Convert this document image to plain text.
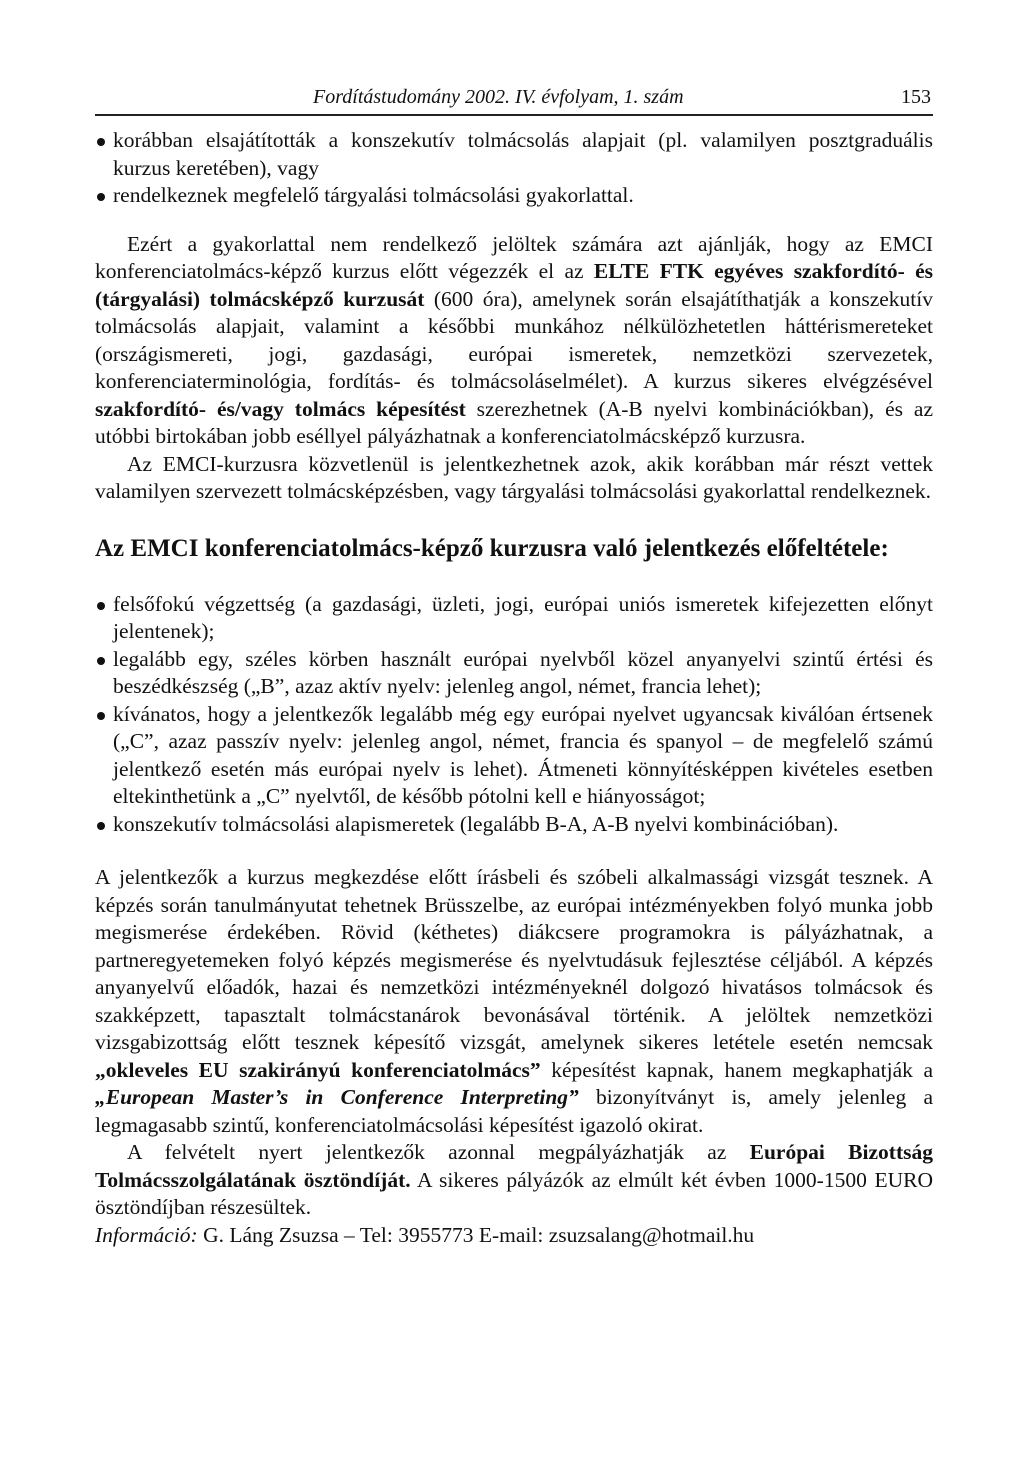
Fordítástudomány 2002. IV. évfolyam, 1. szám	153
korábban elsajátították a konszekutív tolmácsolás alapjait (pl. valamilyen posztgraduális kurzus keretében), vagy
rendelkeznek megfelelő tárgyalási tolmácsolási gyakorlattal.

Ezért a gyakorlattal nem rendelkező jelöltek számára azt ajánlják, hogy az EMCI konferenciatolmács-képző kurzus előtt végezzék el az ELTE FTK egyéves szakfordító- és (tárgyalási) tolmácsképző kurzusát (600 óra), amelynek során elsajátíthatják a konszekutív tolmácsolás alapjait, valamint a későbbi munkához nélkülözhetetlen háttérismereteket (országismereti, jogi, gazdasági, európai ismeretek, nemzetközi szervezetek, konferenciaterminológia, fordítás- és tolmácsoláselmélet). A kurzus sikeres elvégzésével szakfordító- és/vagy tolmács képesítést szerezhetnek (A-B nyelvi kombinációkban), és az utóbbi birtokában jobb eséllyel pályázhatnak a konferenciatolmácsképző kurzusra.

Az EMCI-kurzusra közvetlenül is jelentkezhetnek azok, akik korábban már részt vettek valamilyen szervezett tolmácsképzésben, vagy tárgyalási tolmácsolási gyakorlattal rendelkeznek.

Az EMCI konferenciatolmács-képző kurzusra való jelentkezés előfeltétele:
felsőfokú végzettség (a gazdasági, üzleti, jogi, európai uniós ismeretek kifejezetten előnyt jelentenek);
legalább egy, széles körben használt európai nyelvből közel anyanyelvi szintű értési és beszédkészség („B”, azaz aktív nyelv: jelenleg angol, német, francia lehet);
kívánatos, hogy a jelentkezők legalább még egy európai nyelvet ugyancsak kiválóan értsenek („C”, azaz passzív nyelv: jelenleg angol, német, francia és spanyol – de megfelelő számú jelentkező esetén más európai nyelv is lehet). Átmeneti könnyítésképpen kivételes esetben eltekinthetünk a „C” nyelvtől, de később pótolni kell e hiányosságot;
konszekutív tolmácsolási alapismeretek (legalább B-A, A-B nyelvi kombinációban).

A jelentkezők a kurzus megkezdése előtt írásbeli és szóbeli alkalmassági vizsgát tesznek. A képzés során tanulmányutat tehetnek Brüsszelbe, az európai intézményekben folyó munka jobb megismerése érdekében. Rövid (kéthetes) diákcsere programokra is pályázhatnak, a partneregyetemeken folyó képzés megismerése és nyelvtudásuk fejlesztése céljából. A képzés anyanyelvű előadók, hazai és nemzetközi intézményeknél dolgozó hivatásos tolmácsok és szakképzett, tapasztalt tolmácstanárok bevonásával történik. A jelöltek nemzetközi vizsgabizottság előtt tesznek képesítő vizsgát, amelynek sikeres letétele esetén nemcsak „okleveles EU szakirányú konferenciatolmács” képesítést kapnak, hanem megkaphatják a „European Master’s in Conference Interpreting” bizonyítványt is, amely jelenleg a legmagasabb szintű, konferenciatolmácsolási képesítést igazoló okirat.

A felvételt nyert jelentkezők azonnal megpályázhatják az Európai Bizottság Tolmácsszolgálatának ösztöndíját. A sikeres pályázók az elmúlt két évben 1000-1500 EURO ösztöndíjban részesültek.

Információ: G. Láng Zsuzsa – Tel: 3955773 E-mail: zsuzsalang@hotmail.hu
